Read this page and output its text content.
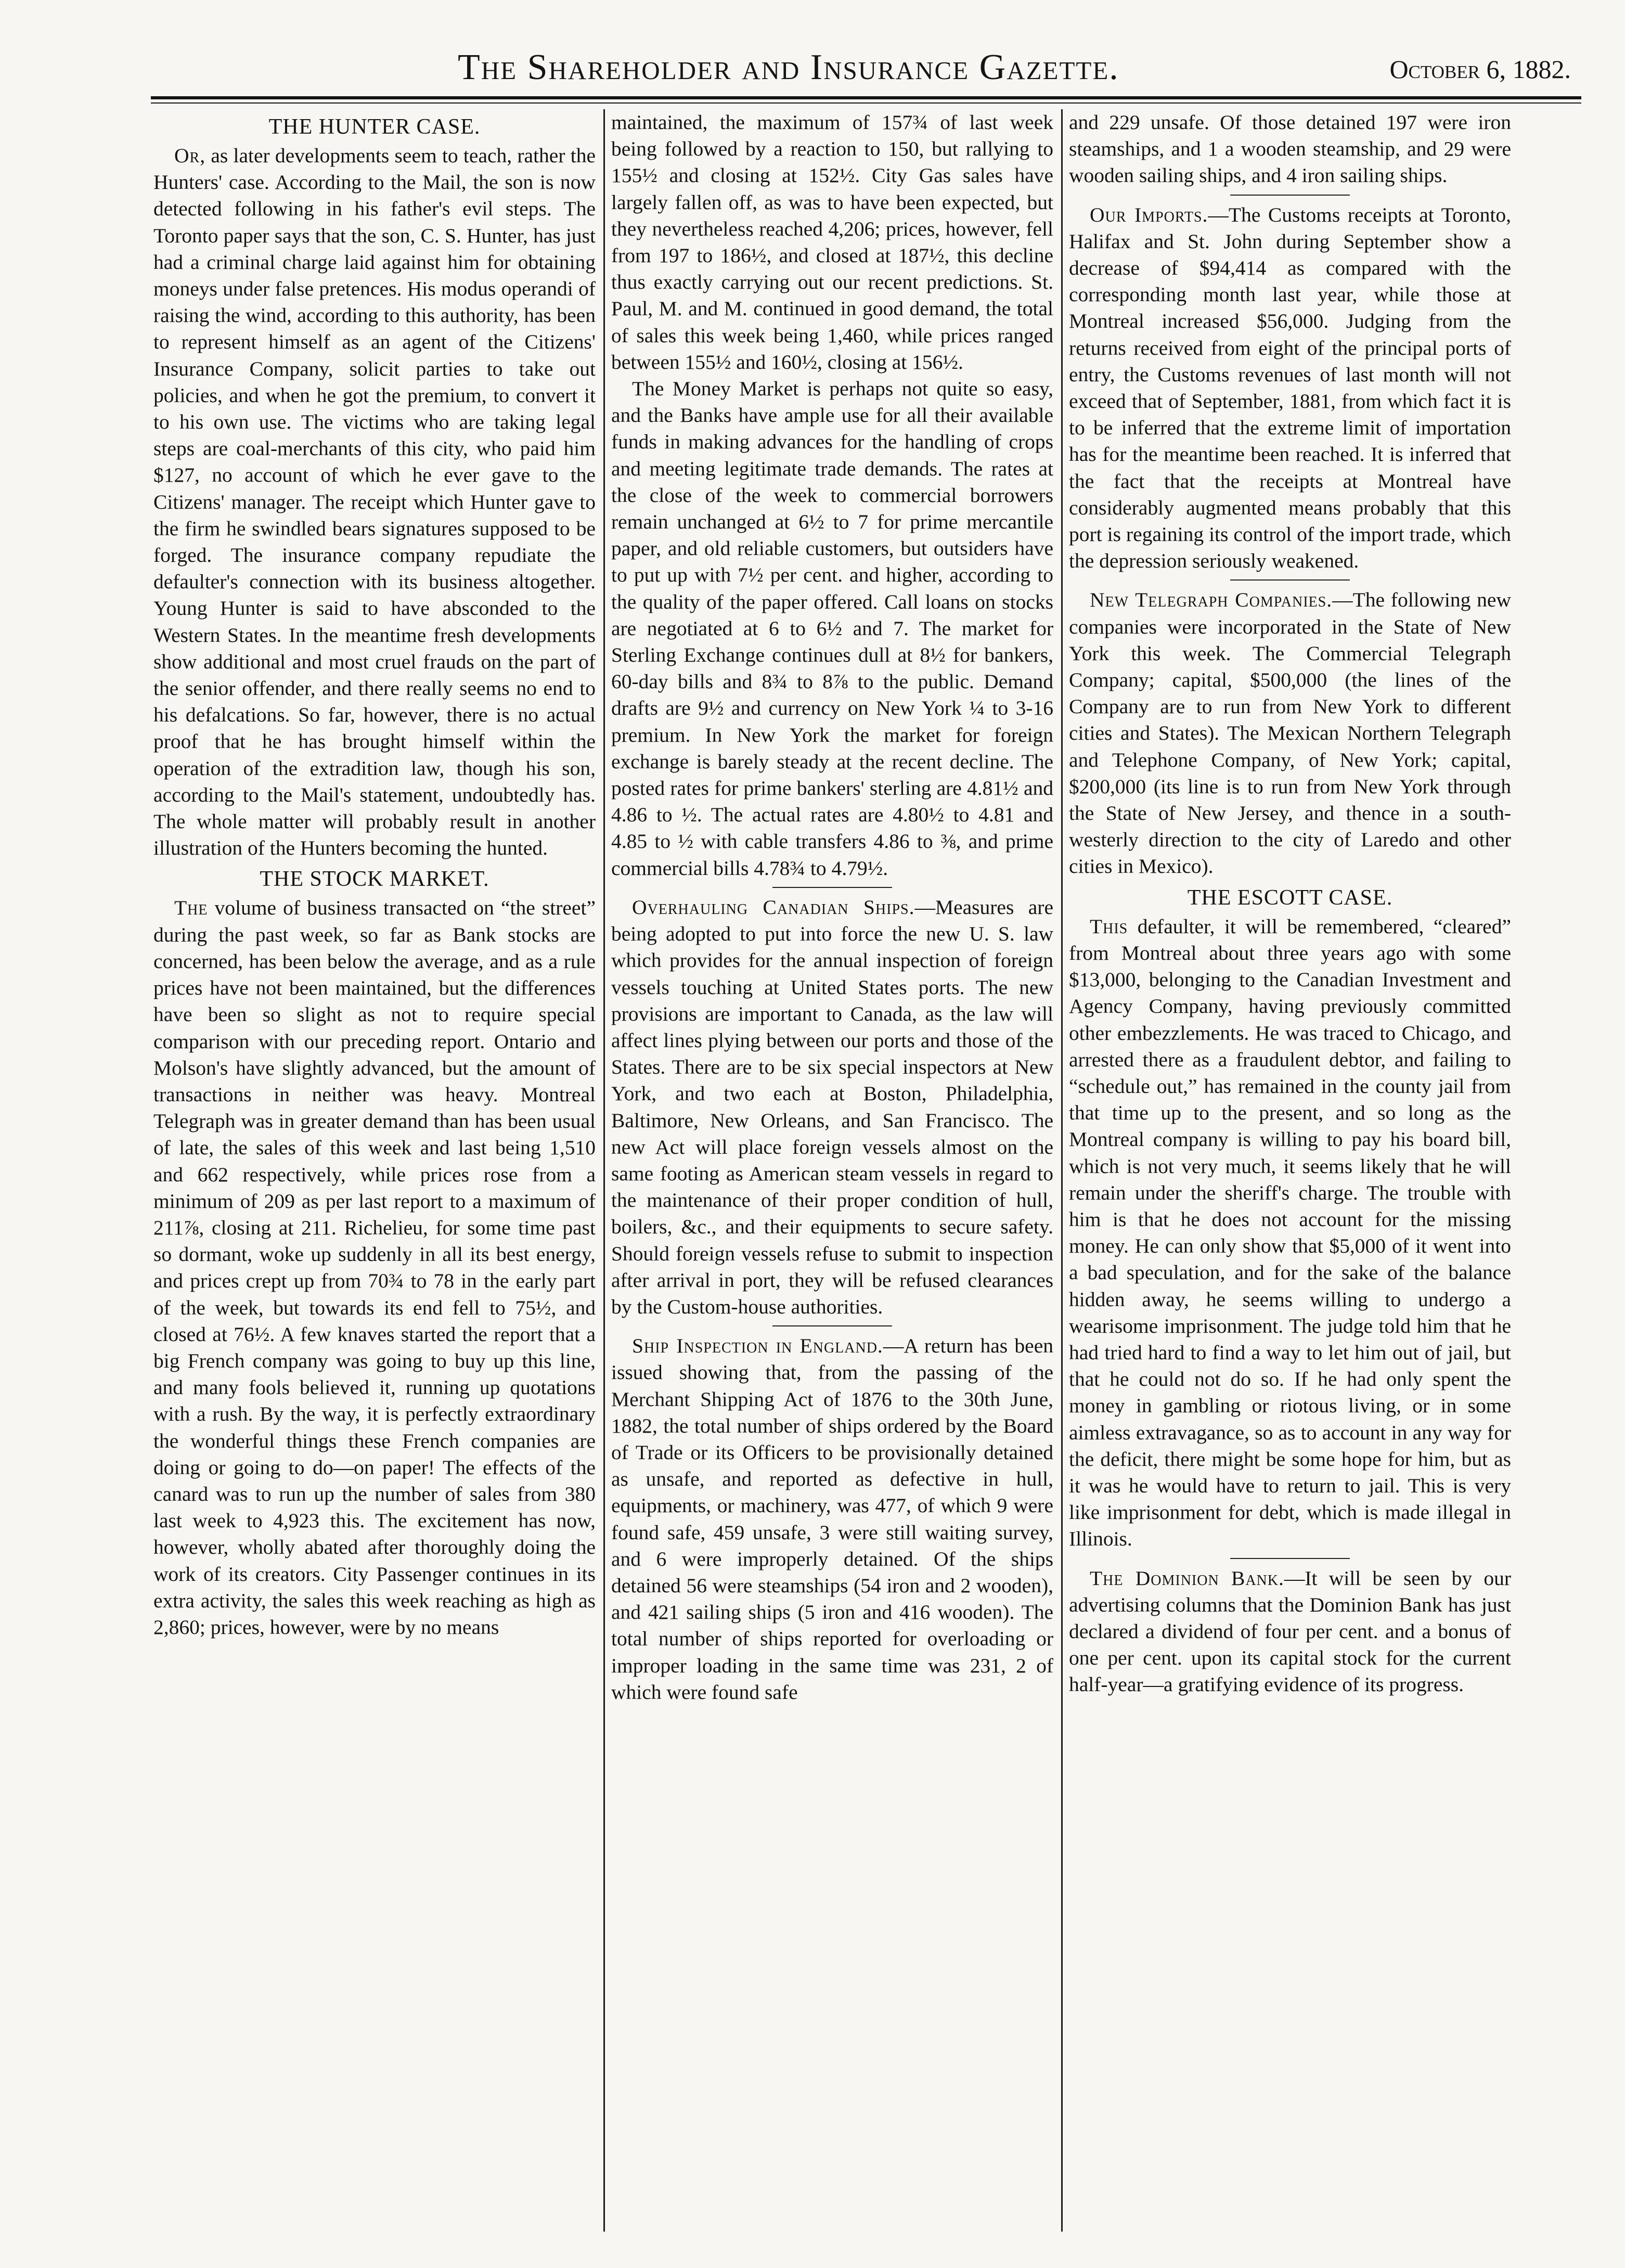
The Shareholder and Insurance Gazette.	October 6, 1882.
THE HUNTER CASE.

Or, as later developments seem to teach, rather the Hunters' case. According to the Mail, the son is now detected following in his father's evil steps. The Toronto paper says that the son, C. S. Hunter, has just had a criminal charge laid against him for obtaining moneys under false pretences. His modus operandi of raising the wind, according to this authority, has been to represent himself as an agent of the Citizens' Insurance Company, solicit parties to take out policies, and when he got the premium, to convert it to his own use. The victims who are taking legal steps are coal-merchants of this city, who paid him $127, no account of which he ever gave to the Citizens' manager. The receipt which Hunter gave to the firm he swindled bears signatures supposed to be forged. The insurance company repudiate the defaulter's connection with its business altogether. Young Hunter is said to have absconded to the Western States. In the meantime fresh developments show additional and most cruel frauds on the part of the senior offender, and there really seems no end to his defalcations. So far, however, there is no actual proof that he has brought himself within the operation of the extradition law, though his son, according to the Mail's statement, undoubtedly has. The whole matter will probably result in another illustration of the Hunters becoming the hunted.

THE STOCK MARKET.

The volume of business transacted on “the street” during the past week, so far as Bank stocks are concerned, has been below the average, and as a rule prices have not been maintained, but the differences have been so slight as not to require special comparison with our preceding report. Ontario and Molson's have slightly advanced, but the amount of transactions in neither was heavy. Montreal Telegraph was in greater demand than has been usual of late, the sales of this week and last being 1,510 and 662 respectively, while prices rose from a minimum of 209 as per last report to a maximum of 211⅞, closing at 211. Richelieu, for some time past so dormant, woke up suddenly in all its best energy, and prices crept up from 70¾ to 78 in the early part of the week, but towards its end fell to 75½, and closed at 76½. A few knaves started the report that a big French company was going to buy up this line, and many fools believed it, running up quotations with a rush. By the way, it is perfectly extraordinary the wonderful things these French companies are doing or going to do—on paper! The effects of the canard was to run up the number of sales from 380 last week to 4,923 this. The excitement has now, however, wholly abated after thoroughly doing the work of its creators. City Passenger continues in its extra activity, the sales this week reaching as high as 2,860; prices, however, were by no means

maintained, the maximum of 157¾ of last week being followed by a reaction to 150, but rallying to 155½ and closing at 152½. City Gas sales have largely fallen off, as was to have been expected, but they nevertheless reached 4,206; prices, however, fell from 197 to 186½, and closed at 187½, this decline thus exactly carrying out our recent predictions. St. Paul, M. and M. continued in good demand, the total of sales this week being 1,460, while prices ranged between 155½ and 160½, closing at 156½.

The Money Market is perhaps not quite so easy, and the Banks have ample use for all their available funds in making advances for the handling of crops and meeting legitimate trade demands. The rates at the close of the week to commercial borrowers remain unchanged at 6½ to 7 for prime mercantile paper, and old reliable customers, but outsiders have to put up with 7½ per cent. and higher, according to the quality of the paper offered. Call loans on stocks are negotiated at 6 to 6½ and 7. The market for Sterling Exchange continues dull at 8½ for bankers, 60-day bills and 8¾ to 8⅞ to the public. Demand drafts are 9½ and currency on New York ¼ to 3-16 premium. In New York the market for foreign exchange is barely steady at the recent decline. The posted rates for prime bankers' sterling are 4.81½ and 4.86 to ½. The actual rates are 4.80½ to 4.81 and 4.85 to ½ with cable transfers 4.86 to ⅜, and prime commercial bills 4.78¾ to 4.79½.

Overhauling Canadian Ships.—Measures are being adopted to put into force the new U. S. law which provides for the annual inspection of foreign vessels touching at United States ports. The new provisions are important to Canada, as the law will affect lines plying between our ports and those of the States. There are to be six special inspectors at New York, and two each at Boston, Philadelphia, Baltimore, New Orleans, and San Francisco. The new Act will place foreign vessels almost on the same footing as American steam vessels in regard to the maintenance of their proper condition of hull, boilers, &c., and their equipments to secure safety. Should foreign vessels refuse to submit to inspection after arrival in port, they will be refused clearances by the Custom-house authorities.

Ship Inspection in England.—A return has been issued showing that, from the passing of the Merchant Shipping Act of 1876 to the 30th June, 1882, the total number of ships ordered by the Board of Trade or its Officers to be provisionally detained as unsafe, and reported as defective in hull, equipments, or machinery, was 477, of which 9 were found safe, 459 unsafe, 3 were still waiting survey, and 6 were improperly detained. Of the ships detained 56 were steamships (54 iron and 2 wooden), and 421 sailing ships (5 iron and 416 wooden). The total number of ships reported for overloading or improper loading in the same time was 231, 2 of which were found safe

and 229 unsafe. Of those detained 197 were iron steamships, and 1 a wooden steamship, and 29 were wooden sailing ships, and 4 iron sailing ships.

Our Imports.—The Customs receipts at Toronto, Halifax and St. John during September show a decrease of $94,414 as compared with the corresponding month last year, while those at Montreal increased $56,000. Judging from the returns received from eight of the principal ports of entry, the Customs revenues of last month will not exceed that of September, 1881, from which fact it is to be inferred that the extreme limit of importation has for the meantime been reached. It is inferred that the fact that the receipts at Montreal have considerably augmented means probably that this port is regaining its control of the import trade, which the depression seriously weakened.

New Telegraph Companies.—The following new companies were incorporated in the State of New York this week. The Commercial Telegraph Company; capital, $500,000 (the lines of the Company are to run from New York to different cities and States). The Mexican Northern Telegraph and Telephone Company, of New York; capital, $200,000 (its line is to run from New York through the State of New Jersey, and thence in a south-westerly direction to the city of Laredo and other cities in Mexico).

THE ESCOTT CASE.

This defaulter, it will be remembered, “cleared” from Montreal about three years ago with some $13,000, belonging to the Canadian Investment and Agency Company, having previously committed other embezzlements. He was traced to Chicago, and arrested there as a fraudulent debtor, and failing to “schedule out,” has remained in the county jail from that time up to the present, and so long as the Montreal company is willing to pay his board bill, which is not very much, it seems likely that he will remain under the sheriff's charge. The trouble with him is that he does not account for the missing money. He can only show that $5,000 of it went into a bad speculation, and for the sake of the balance hidden away, he seems willing to undergo a wearisome imprisonment. The judge told him that he had tried hard to find a way to let him out of jail, but that he could not do so. If he had only spent the money in gambling or riotous living, or in some aimless extravagance, so as to account in any way for the deficit, there might be some hope for him, but as it was he would have to return to jail. This is very like imprisonment for debt, which is made illegal in Illinois.

The Dominion Bank.—It will be seen by our advertising columns that the Dominion Bank has just declared a dividend of four per cent. and a bonus of one per cent. upon its capital stock for the current half-year—a gratifying evidence of its progress.
